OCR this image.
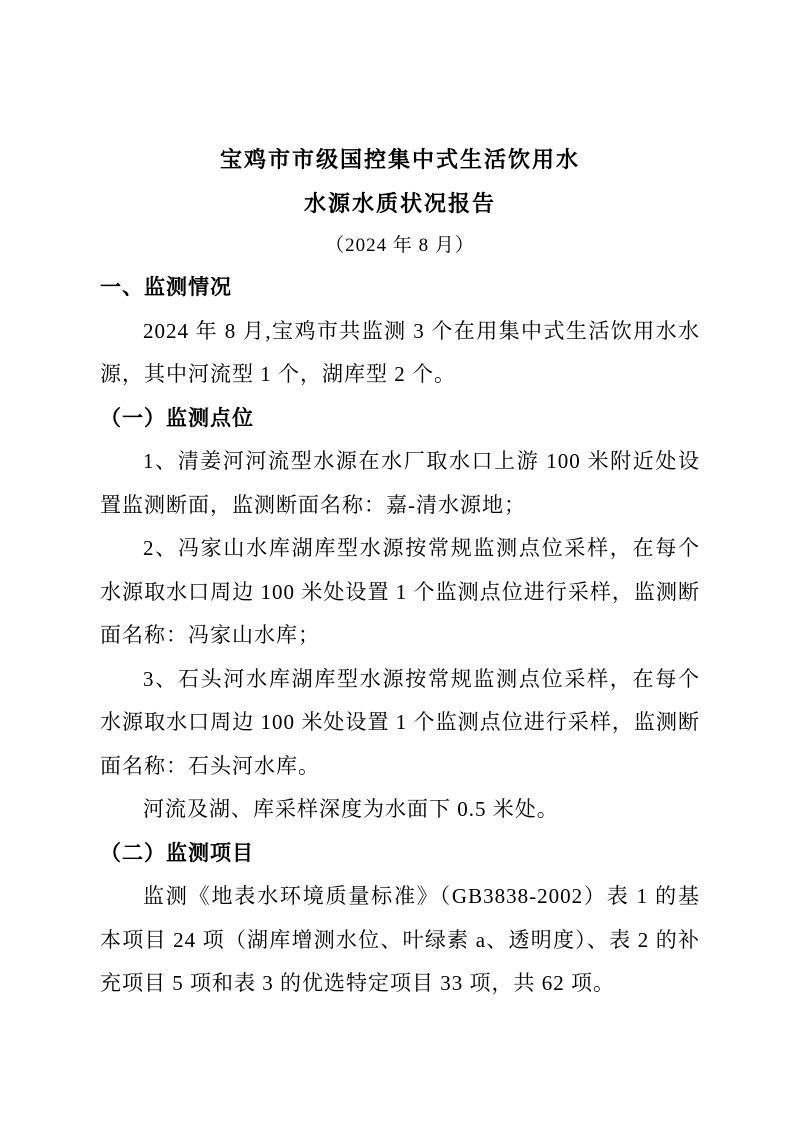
宝鸡市市级国控集中式生活饮用水
水源水质状况报告
（2024 年 8 月）
一、监测情况

2024 年 8 月,宝鸡市共监测 3 个在用集中式生活饮用水水源，其中河流型 1 个，湖库型 2 个。

（一）监测点位

1、清姜河河流型水源在水厂取水口上游 100 米附近处设置监测断面，监测断面名称：嘉-清水源地；

2、冯家山水库湖库型水源按常规监测点位采样，在每个水源取水口周边 100 米处设置 1 个监测点位进行采样，监测断面名称：冯家山水库；

3、石头河水库湖库型水源按常规监测点位采样，在每个水源取水口周边 100 米处设置 1 个监测点位进行采样，监测断面名称：石头河水库。

河流及湖、库采样深度为水面下 0.5 米处。

（二）监测项目

监测《地表水环境质量标准》（GB3838-2002）表 1 的基本项目 24 项（湖库增测水位、叶绿素 a、透明度）、表 2 的补充项目 5 项和表 3 的优选特定项目 33 项，共 62 项。
